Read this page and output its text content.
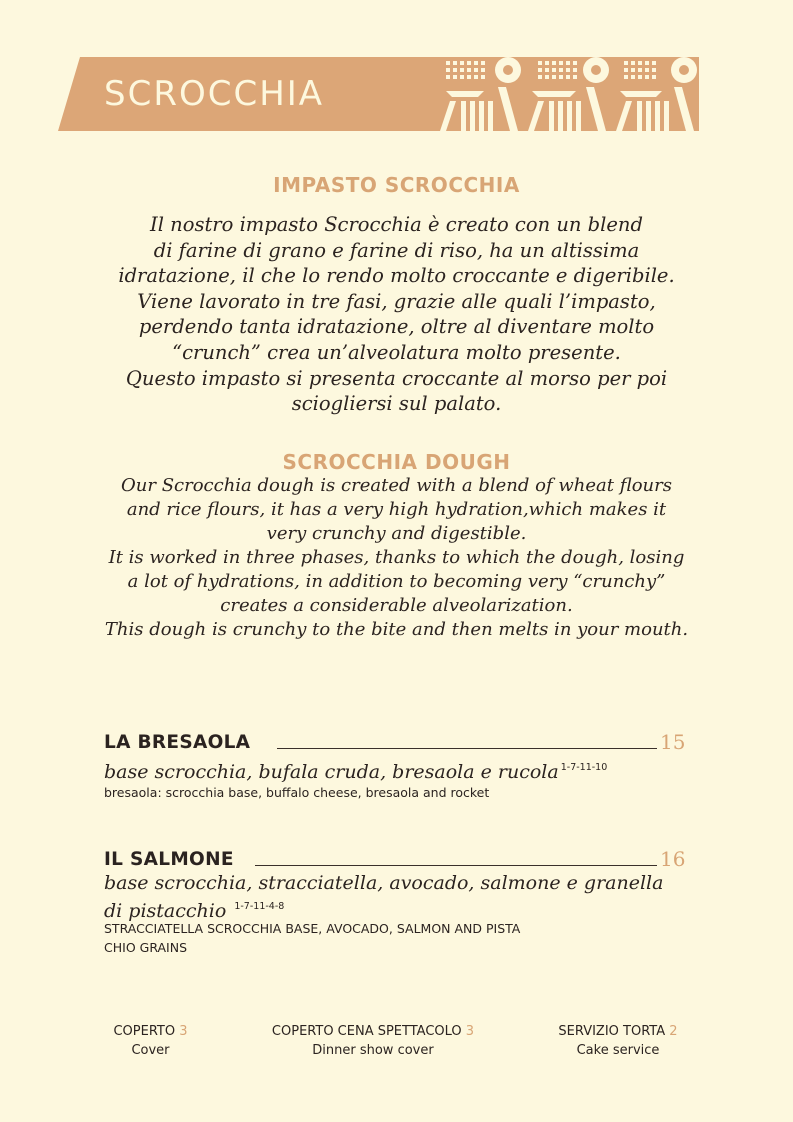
SCROCCHIA
IMPASTO SCROCCHIA

Il nostro impasto Scrocchia è creato con un blend
di farine di grano e farine di riso, ha un altissima
idratazione, il che lo rendo molto croccante e digeribile.
Viene lavorato in tre fasi, grazie alle quali l’impasto,
perdendo tanta idratazione, oltre al diventare molto
“crunch” crea un’alveolatura molto presente.
Questo impasto si presenta croccante al morso per poi
sciogliersi sul palato.

SCROCCHIA DOUGH

Our Scrocchia dough is created with a blend of wheat flours
and rice flours, it has a very high hydration,which makes it
very crunchy and digestible.
It is worked in three phases, thanks to which the dough, losing
a lot of hydrations, in addition to becoming very “crunchy”
creates a considerable alveolarization.
This dough is crunchy to the bite and then melts in your mouth.

LA BRESAOLA	15

base scrocchia, bufala cruda, bresaola e rucola $^{1-7-11-10}$

bresaola: scrocchia base, buffalo cheese, bresaola and rocket

IL SALMONE	16

base scrocchia, stracciatella, avocado, salmone e granella
di pistacchio $^{1-7-11-4-8}$

STRACCIATELLA SCROCCHIA BASE, AVOCADO, SALMON AND PISTA
CHIO GRAINS

COPERTO 3
Cover
COPERTO CENA SPETTACOLO 3
Dinner show cover
SERVIZIO TORTA 2
Cake service
